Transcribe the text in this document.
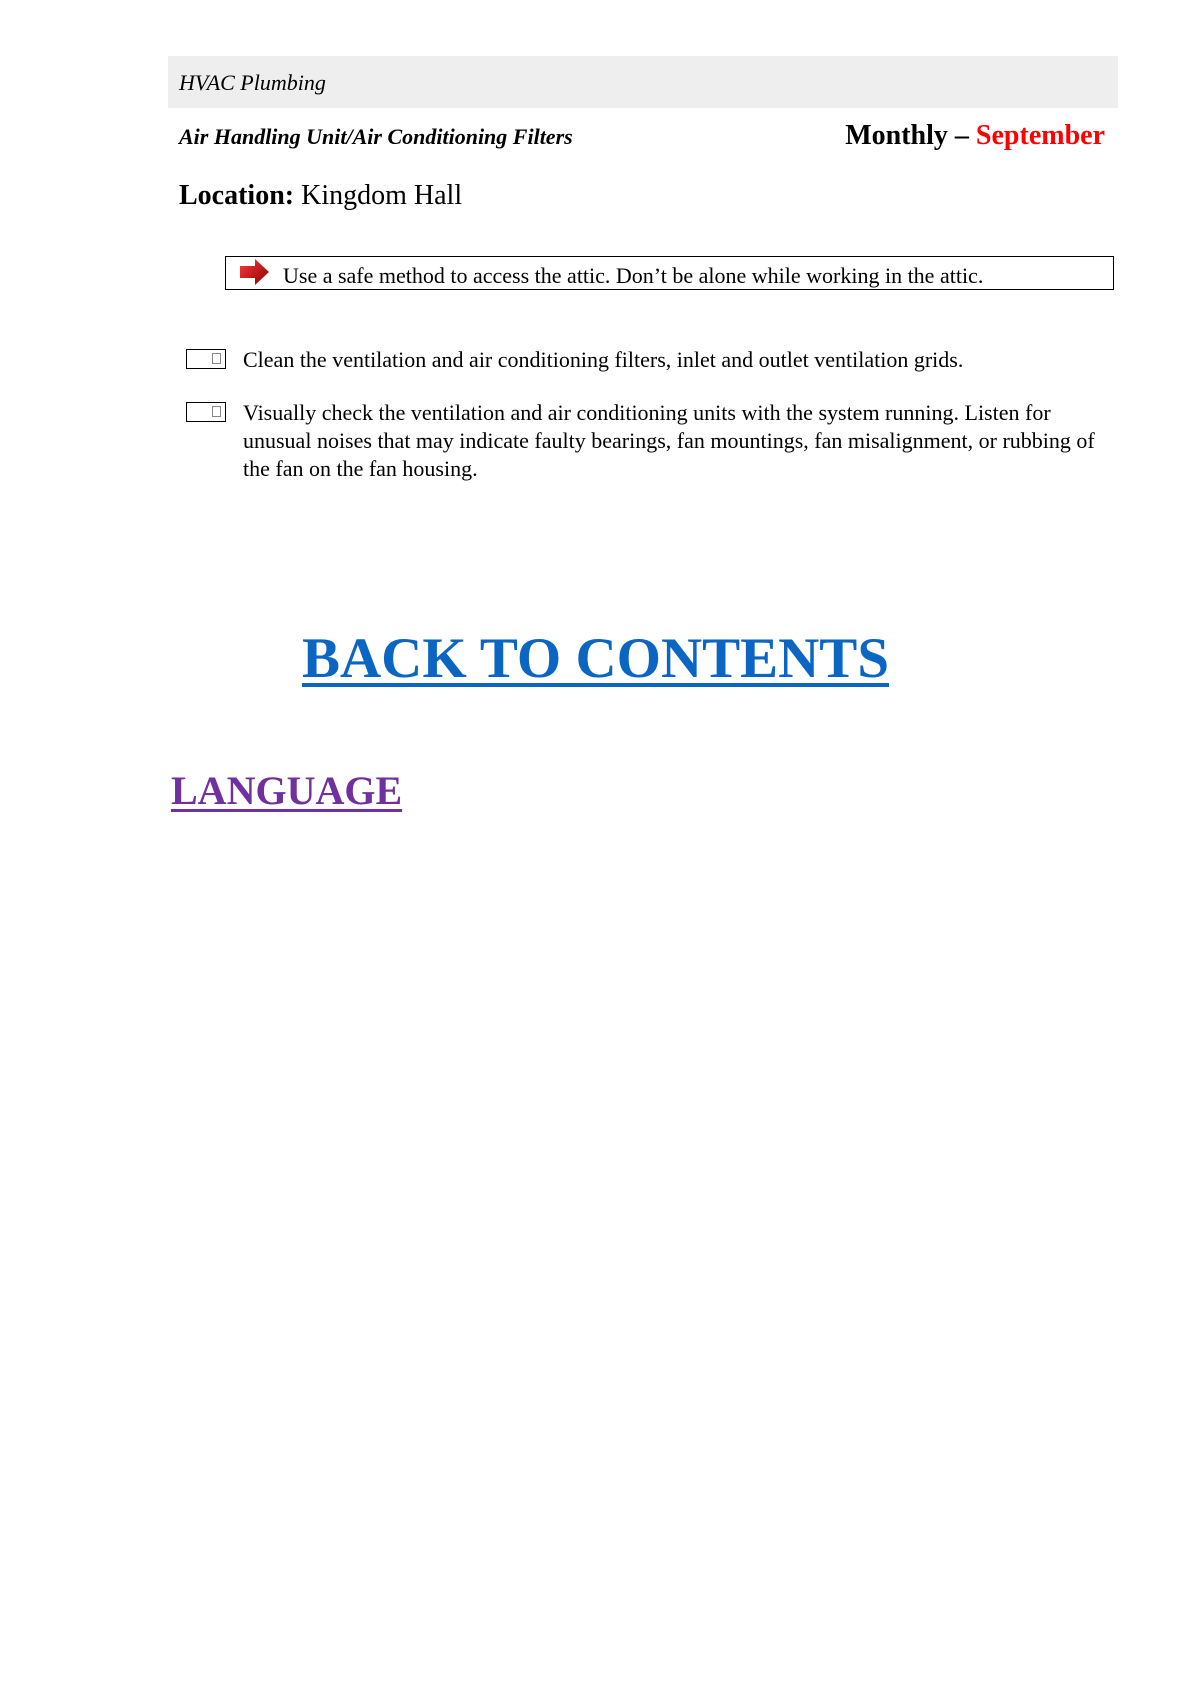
HVAC Plumbing
Air Handling Unit/Air Conditioning Filters	Monthly – September
Location: Kingdom Hall
Use a safe method to access the attic. Don’t be alone while working in the attic.
Clean the ventilation and air conditioning filters, inlet and outlet ventilation grids.
Visually check the ventilation and air conditioning units with the system running. Listen for unusual noises that may indicate faulty bearings, fan mountings, fan misalignment, or rubbing of the fan on the fan housing.
BACK TO CONTENTS
LANGUAGE
